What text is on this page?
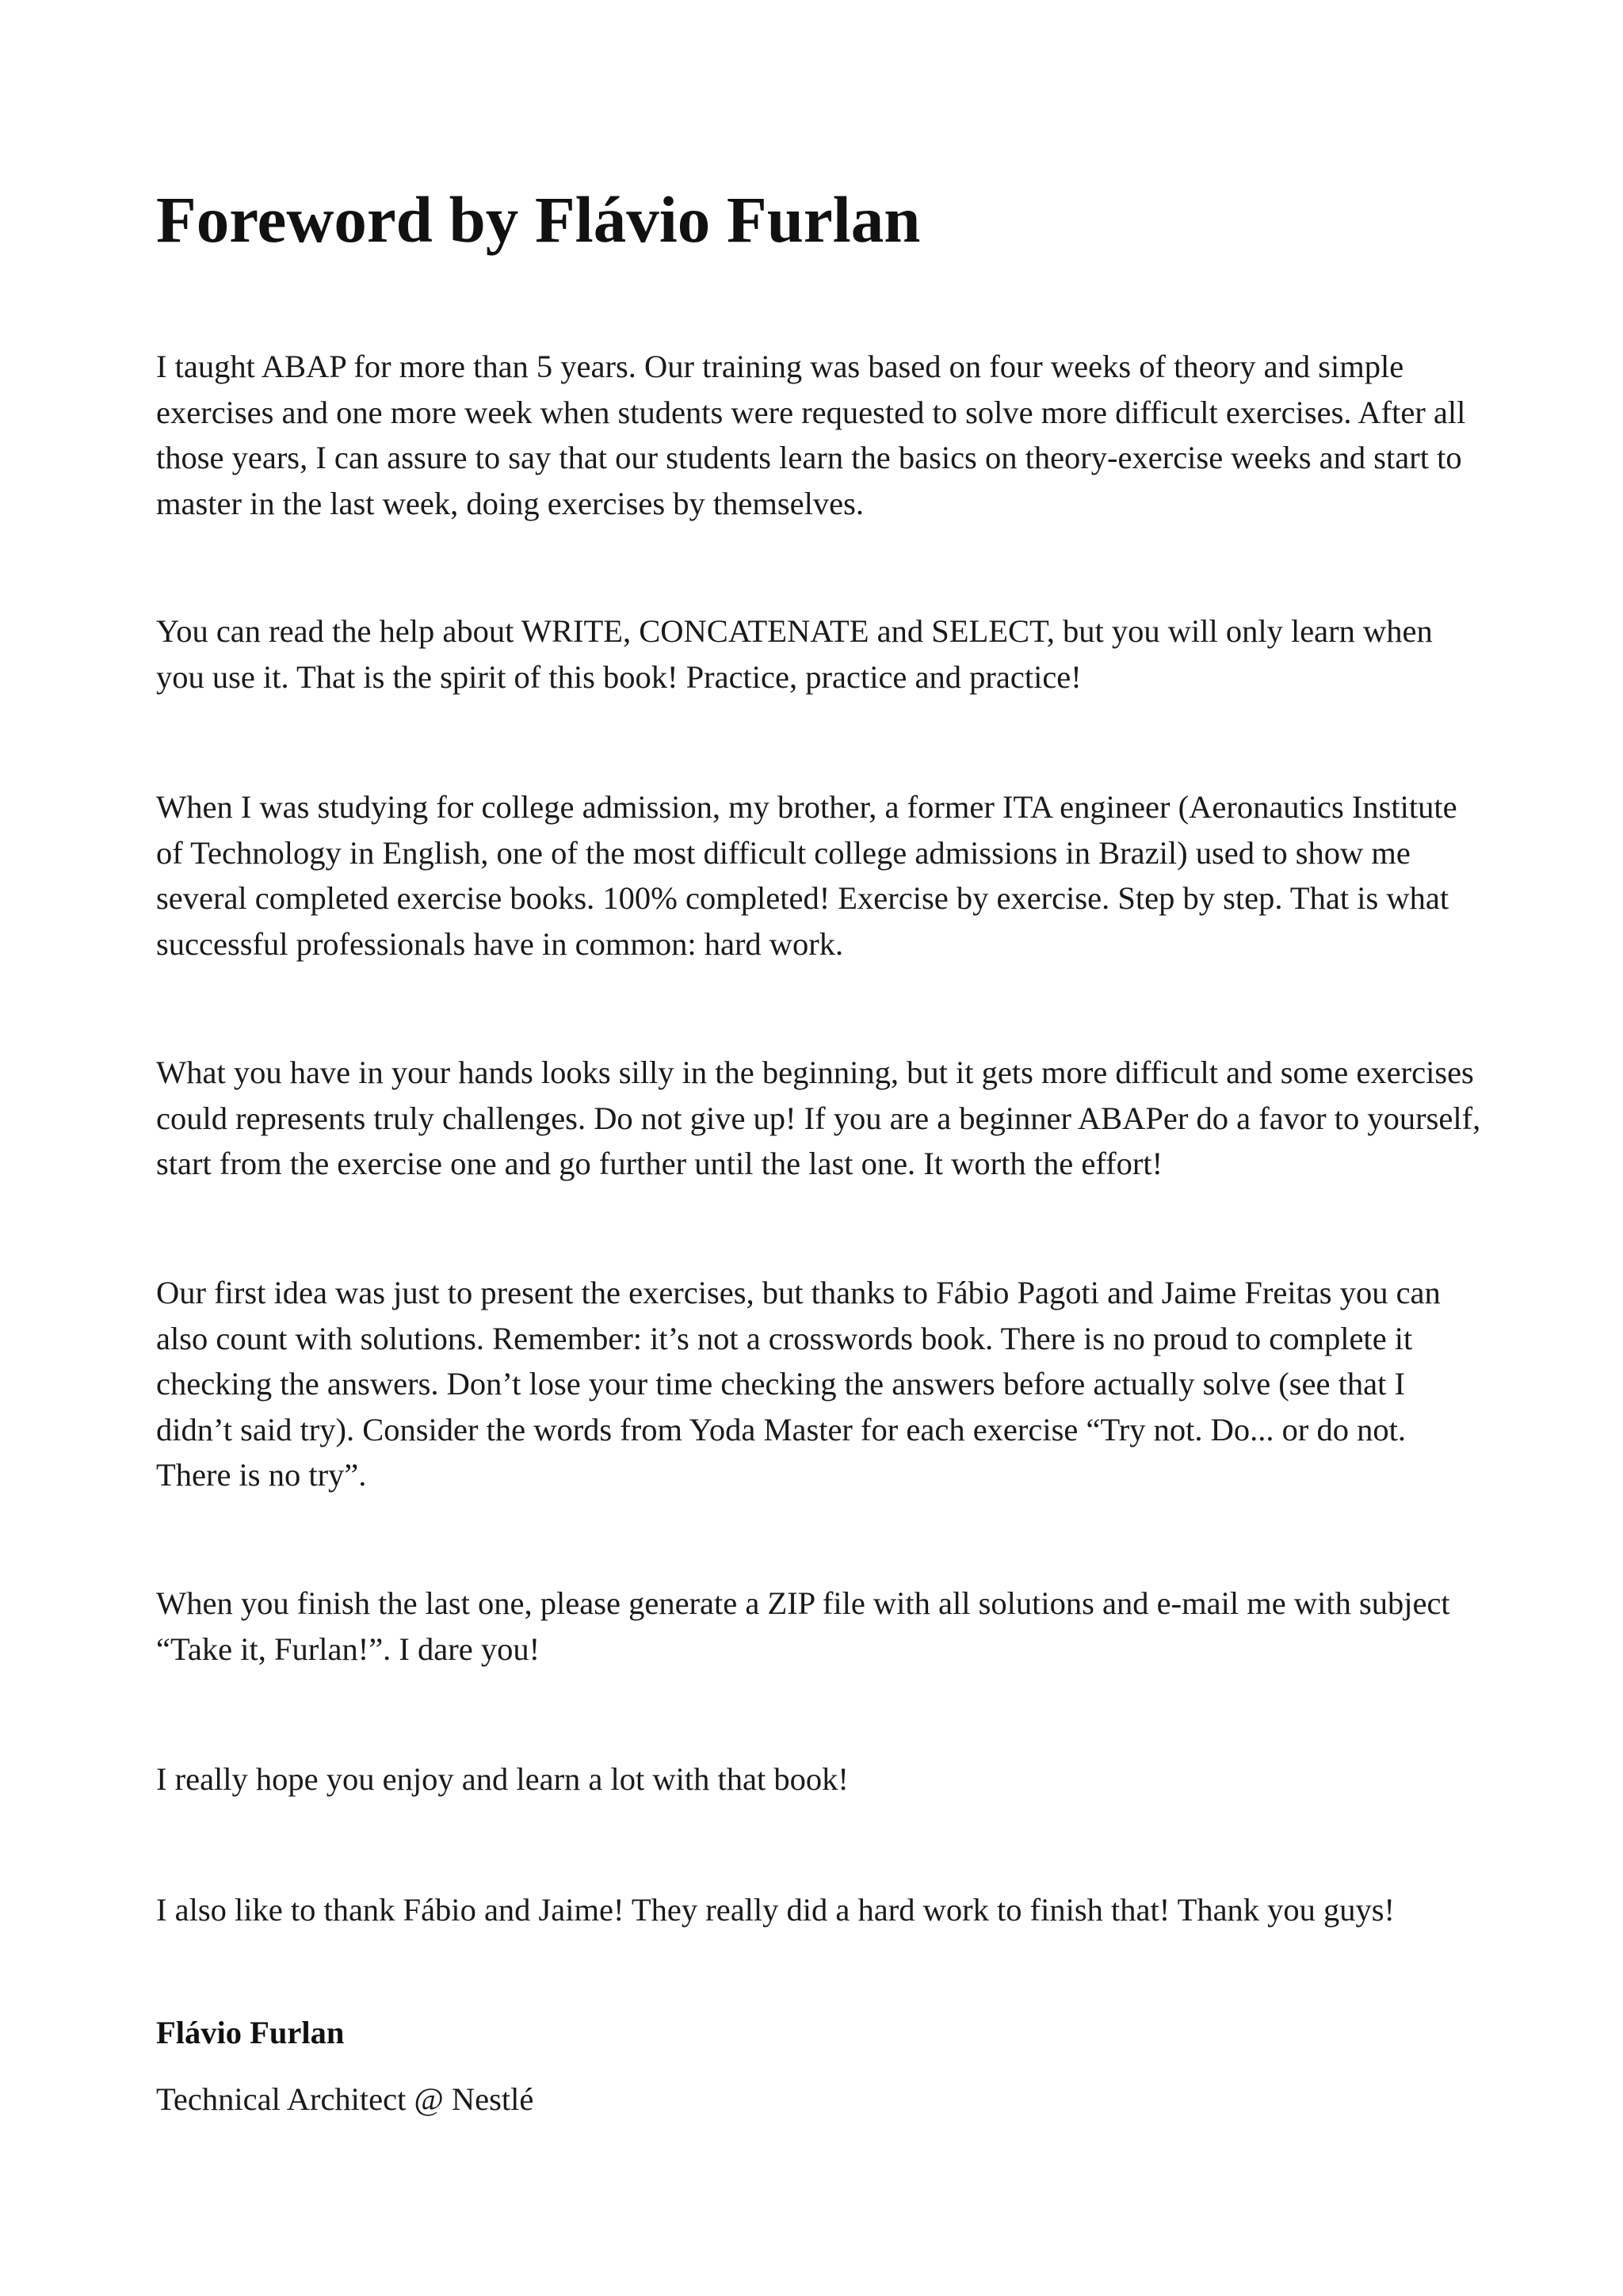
Foreword by Flávio Furlan

I taught ABAP for more than 5 years. Our training was based on four weeks of theory and simple exercises and one more week when students were requested to solve more difficult exercises. After all those years, I can assure to say that our students learn the basics on theory-exercise weeks and start to master in the last week, doing exercises by themselves.

You can read the help about WRITE, CONCATENATE and SELECT, but you will only learn when you use it. That is the spirit of this book! Practice, practice and practice!

When I was studying for college admission, my brother, a former ITA engineer (Aeronautics Institute of Technology in English, one of the most difficult college admissions in Brazil) used to show me several completed exercise books. 100% completed! Exercise by exercise. Step by step. That is what successful professionals have in common: hard work.

What you have in your hands looks silly in the beginning, but it gets more difficult and some exercises could represents truly challenges. Do not give up! If you are a beginner ABAPer do a favor to yourself, start from the exercise one and go further until the last one. It worth the effort!

Our first idea was just to present the exercises, but thanks to Fábio Pagoti and Jaime Freitas you can also count with solutions. Remember: it’s not a crosswords book. There is no proud to complete it checking the answers. Don’t lose your time checking the answers before actually solve (see that I didn’t said try). Consider the words from Yoda Master for each exercise “Try not. Do... or do not. There is no try”.

When you finish the last one, please generate a ZIP file with all solutions and e-mail me with subject “Take it, Furlan!”. I dare you!

I really hope you enjoy and learn a lot with that book!

I also like to thank Fábio and Jaime! They really did a hard work to finish that! Thank you guys!

Flávio Furlan

Technical Architect @ Nestlé
